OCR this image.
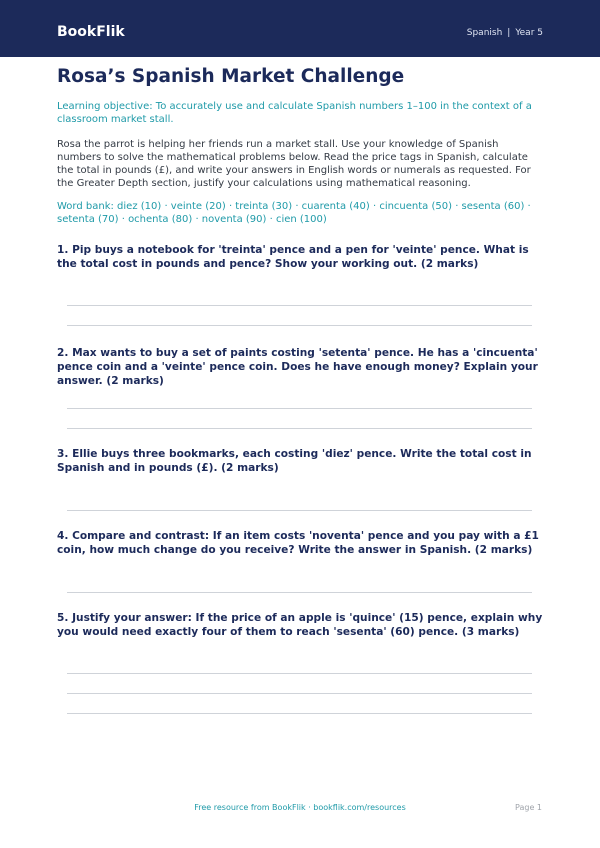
BookFlik	Spanish | Year 5
Rosa’s Spanish Market Challenge
Learning objective: To accurately use and calculate Spanish numbers 1–100 in the context of a classroom market stall.
Rosa the parrot is helping her friends run a market stall. Use your knowledge of Spanish numbers to solve the mathematical problems below. Read the price tags in Spanish, calculate the total in pounds (£), and write your answers in English words or numerals as requested. For the Greater Depth section, justify your calculations using mathematical reasoning.
Word bank: diez (10) · veinte (20) · treinta (30) · cuarenta (40) · cincuenta (50) · sesenta (60) · setenta (70) · ochenta (80) · noventa (90) · cien (100)
1. Pip buys a notebook for 'treinta' pence and a pen for 'veinte' pence. What is the total cost in pounds and pence? Show your working out. (2 marks)
2. Max wants to buy a set of paints costing 'setenta' pence. He has a 'cincuenta' pence coin and a 'veinte' pence coin. Does he have enough money? Explain your answer. (2 marks)
3. Ellie buys three bookmarks, each costing 'diez' pence. Write the total cost in Spanish and in pounds (£). (2 marks)
4. Compare and contrast: If an item costs 'noventa' pence and you pay with a £1 coin, how much change do you receive? Write the answer in Spanish. (2 marks)
5. Justify your answer: If the price of an apple is 'quince' (15) pence, explain why you would need exactly four of them to reach 'sesenta' (60) pence. (3 marks)
Free resource from BookFlik · bookflik.com/resources	Page 1
